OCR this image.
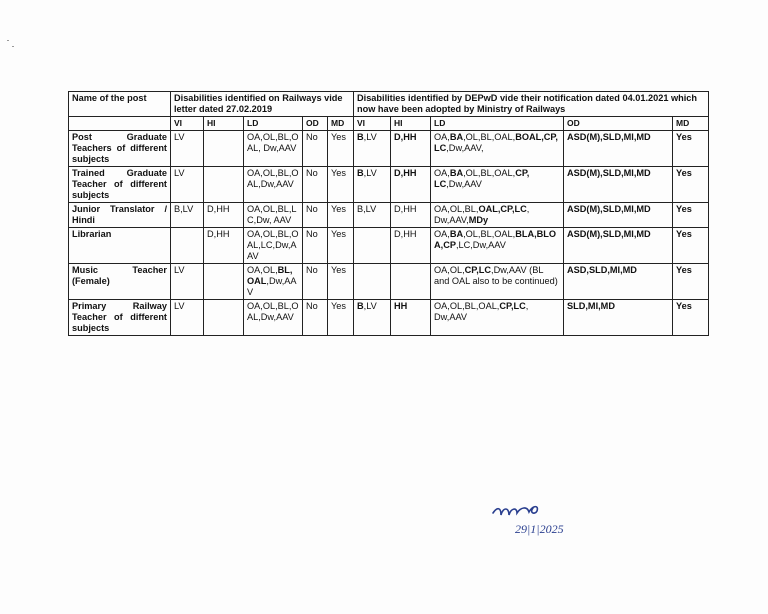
Name of the post	Disabilities identified on Railways vide letter dated 27.02.2019					Disabilities identified by DEPwD vide their notification dated 04.01.2021 which now have been adopted by Ministry of Railways				
	VI	HI	LD	OD	MD	VI	HI	LD	OD	MD
Post Graduate Teachers of different subjects	LV		OA,OL,BL,OAL, Dw,AAV	No	Yes	B,LV	D,HH	OA,BA,OL,BL,OAL,BOAL,CP,LC,Dw,AAV,	ASD(M),SLD,MI,MD	Yes
Trained Graduate Teacher of different subjects	LV		OA,OL,BL,OAL,Dw,AAV	No	Yes	B,LV	D,HH	OA,BA,OL,BL,OAL,CP, LC,Dw,AAV	ASD(M),SLD,MI,MD	Yes
Junior Translator / Hindi	B,LV	D,HH	OA,OL,BL,LC,Dw, AAV	No	Yes	B,LV	D,HH	OA,OL,BL,OAL,CP,LC, Dw,AAV,MDy	ASD(M),SLD,MI,MD	Yes
Librarian		D,HH	OA,OL,BL,OAL,LC,Dw,AAV	No	Yes		D,HH	OA,BA,OL,BL,OAL,BLA,BLOA,CP,LC,Dw,AAV	ASD(M),SLD,MI,MD	Yes
Music Teacher (Female)	LV		OA,OL,BL,OAL,Dw,AAV	No	Yes			OA,OL,CP,LC,Dw,AAV (BL and OAL also to be continued)	ASD,SLD,MI,MD	Yes
Primary Railway Teacher of different subjects	LV		OA,OL,BL,OAL,Dw,AAV	No	Yes	B,LV	HH	OA,OL,BL,OAL,CP,LC, Dw,AAV	SLD,MI,MD	Yes
29|1|2025
